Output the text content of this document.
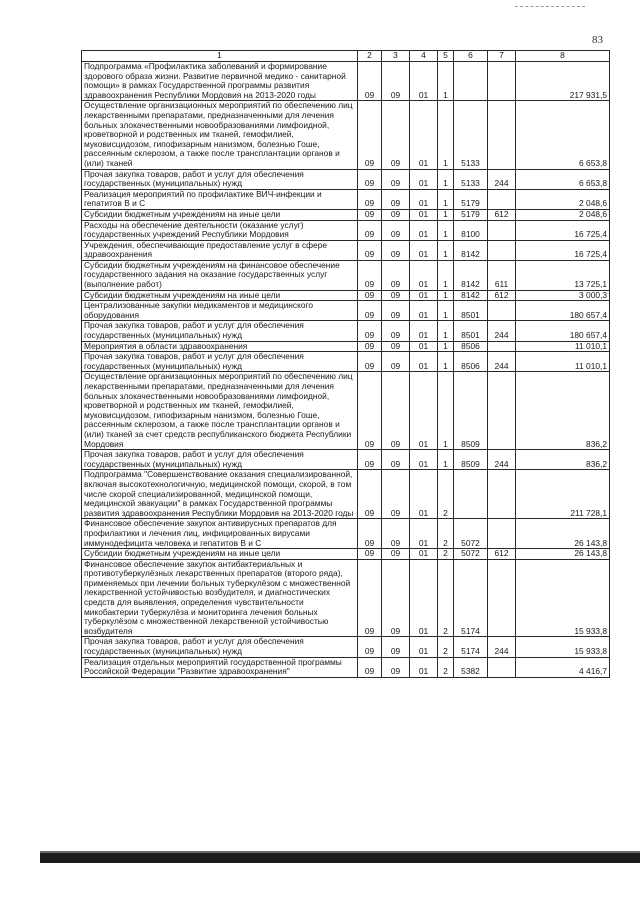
83
1	2	3	4	5	6	7	8
Подпрограмма «Профилактика заболеваний и формирование здорового образа жизни. Развитие первичной медико - санитарной помощи» в рамках Государственной программы развития здравоохранения Республики Мордовия на 2013-2020 годы	09	09	01	1			217 931,5
Осуществление организационных мероприятий по обеспечению лиц лекарственными препаратами, предназначенными для лечения больных злокачественными новообразованиями лимфоидной, кроветворной и родственных им тканей, гемофилией, муковисцидозом, гипофизарным нанизмом, болезнью Гоше, рассеянным склерозом, а также после трансплантации органов и (или) тканей	09	09	01	1	5133		6 653,8
Прочая закупка товаров, работ и услуг для обеспечения государственных (муниципальных) нужд	09	09	01	1	5133	244	6 653,8
Реализация мероприятий по профилактике ВИЧ-инфекции и гепатитов В и С	09	09	01	1	5179		2 048,6
Субсидии бюджетным учреждениям на иные цели	09	09	01	1	5179	612	2 048,6
Расходы на обеспечение деятельности (оказание услуг) государственных учреждений Республики Мордовия	09	09	01	1	8100		16 725,4
Учреждения, обеспечивающие предоставление услуг в сфере здравоохранения	09	09	01	1	8142		16 725,4
Субсидии бюджетным учреждениям на финансовое обеспечение государственного задания на оказание государственных услуг (выполнение работ)	09	09	01	1	8142	611	13 725,1
Субсидии бюджетным учреждениям на иные цели	09	09	01	1	8142	612	3 000,3
Централизованные закупки медикаментов и медицинского оборудования	09	09	01	1	8501		180 657,4
Прочая закупка товаров, работ и услуг для обеспечения государственных (муниципальных) нужд	09	09	01	1	8501	244	180 657,4
Мероприятия в области здравоохранения	09	09	01	1	8506		11 010,1
Прочая закупка товаров, работ и услуг для обеспечения государственных (муниципальных) нужд	09	09	01	1	8506	244	11 010,1
Осуществление организационных мероприятий по обеспечению лиц лекарственными препаратами, предназначенными для лечения больных злокачественными новообразованиями лимфоидной, кроветворной и родственных им тканей, гемофилией, муковисцидозом, гипофизарным нанизмом, болезнью Гоше, рассеянным склерозом, а также после трансплантации органов и (или) тканей за счет средств республиканского бюджета Республики Мордовия	09	09	01	1	8509		836,2
Прочая закупка товаров, работ и услуг для обеспечения государственных (муниципальных) нужд	09	09	01	1	8509	244	836,2
Подпрограмма "Совершенствование оказания специализированной, включая высокотехнологичную, медицинской помощи, скорой, в том числе скорой специализированной, медицинской помощи, медицинской эвакуации" в рамках Государственной программы развития здравоохранения Республики Мордовия на 2013-2020 годы	09	09	01	2			211 728,1
Финансовое обеспечение закупок антивирусных препаратов для профилактики и лечения лиц, инфицированных вирусами иммунодефицита человека и гепатитов В и С	09	09	01	2	5072		26 143,8
Субсидии бюджетным учреждениям на иные цели	09	09	01	2	5072	612	26 143,8
Финансовое обеспечение закупок антибактериальных и противотуберкулёзных лекарственных препаратов (второго ряда), применяемых при лечении больных туберкулёзом с множественной лекарственной устойчивостью возбудителя, и диагностических средств для выявления, определения чувствительности микобактерии туберкулёза и мониторинга лечения больных туберкулёзом с множественной лекарственной устойчивостью возбудителя	09	09	01	2	5174		15 933,8
Прочая закупка товаров, работ и услуг для обеспечения государственных (муниципальных) нужд	09	09	01	2	5174	244	15 933,8
Реализация отдельных мероприятий государственной программы Российской Федерации "Развитие здравоохранения"	09	09	01	2	5382		4 416,7
